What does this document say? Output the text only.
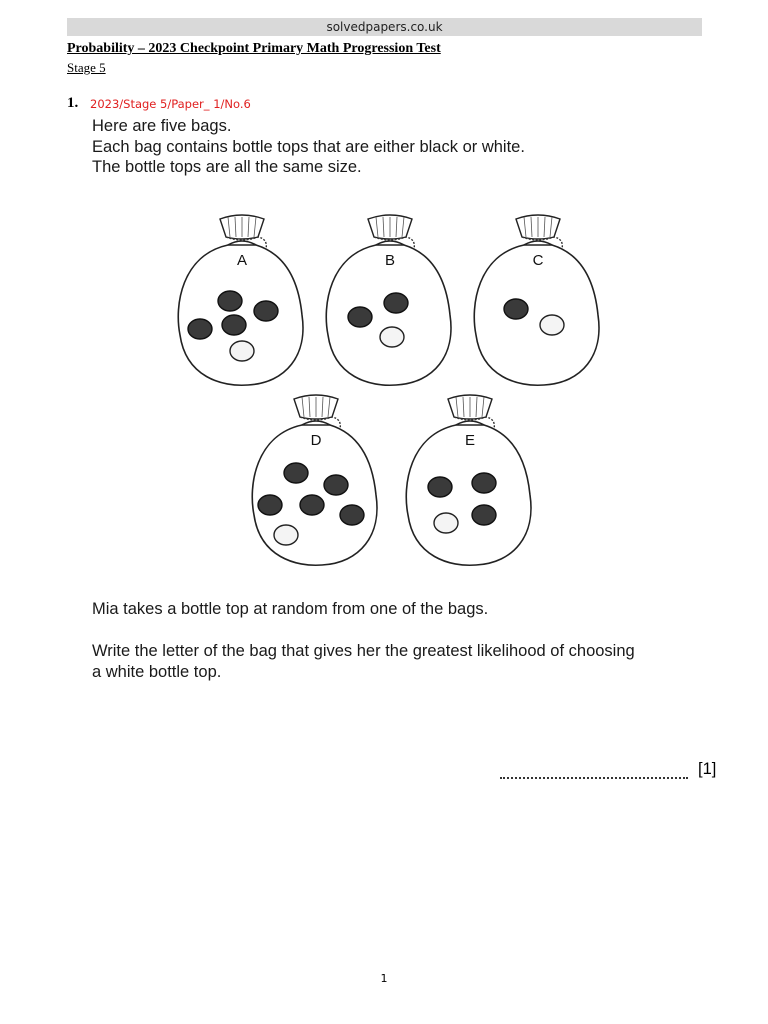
solvedpapers.co.uk
Probability – 2023 Checkpoint Primary Math Progression Test
Stage 5
1. 2023/Stage 5/Paper_ 1/No.6
Here are five bags.
Each bag contains bottle tops that are either black or white.
The bottle tops are all the same size.
A	B	C
D	E
Mia takes a bottle top at random from one of the bags.
Write the letter of the bag that gives her the greatest likelihood of choosing
a white bottle top.
[1]
1
